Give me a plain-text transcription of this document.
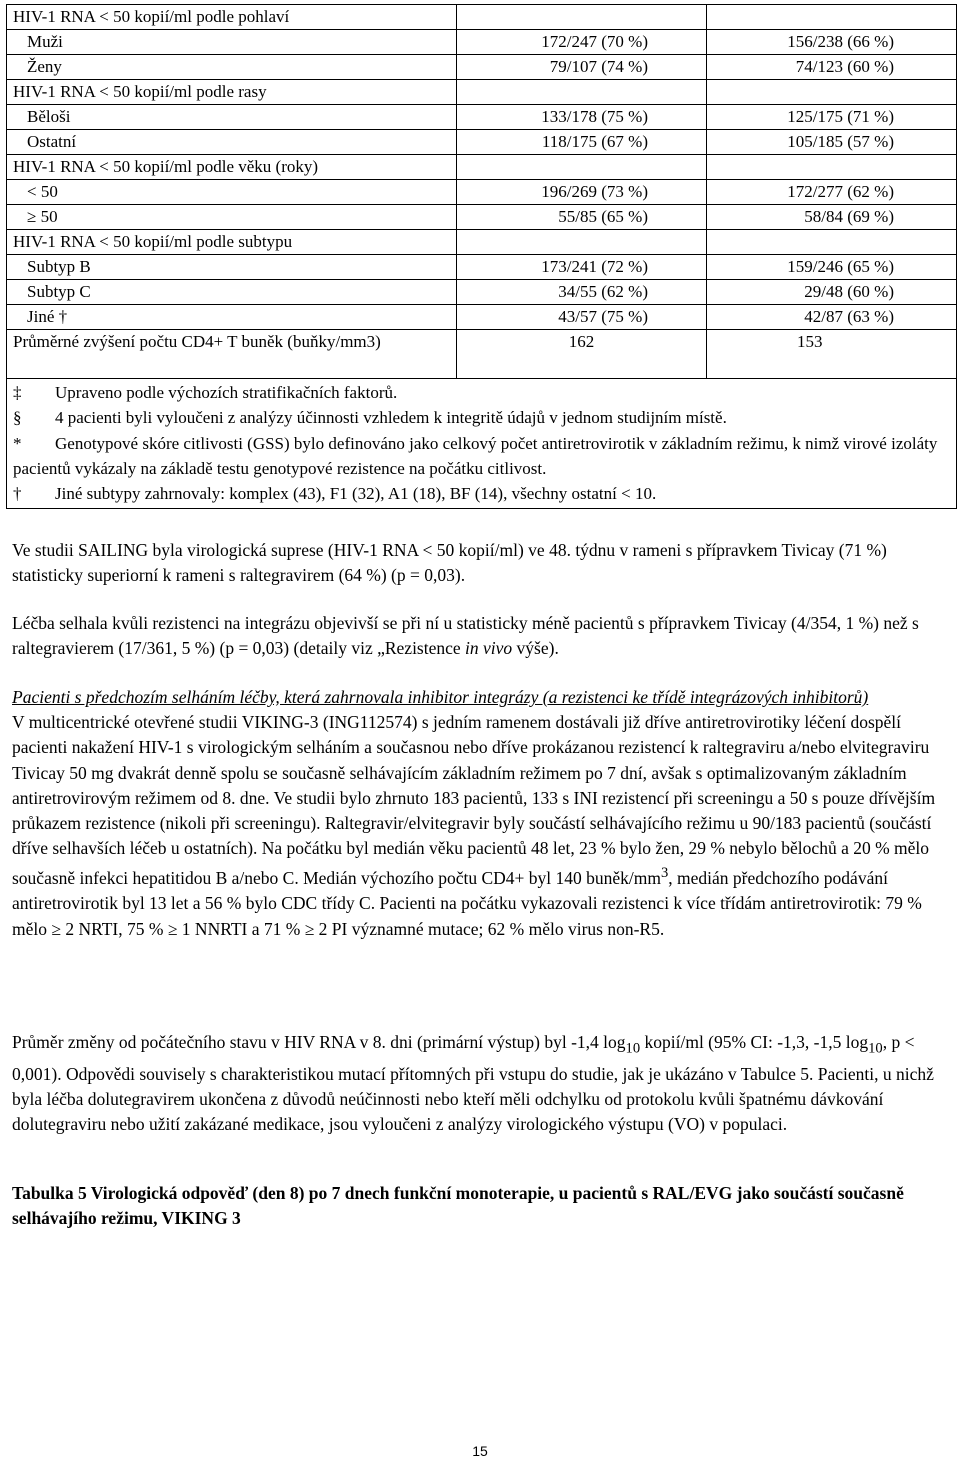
HIV-1 RNA < 50 kopií/ml podle pohlaví		
Muži	172/247 (70 %)	156/238 (66 %)
Ženy	79/107 (74 %)	74/123 (60 %)
HIV-1 RNA < 50 kopií/ml podle rasy		
Běloši	133/178 (75 %)	125/175 (71 %)
Ostatní	118/175 (67 %)	105/185 (57 %)
HIV-1 RNA < 50 kopií/ml podle věku (roky)		
< 50	196/269 (73 %)	172/277 (62 %)
≥ 50	55/85 (65 %)	58/84 (69 %)
HIV-1 RNA < 50 kopií/ml podle subtypu		
Subtyp B	173/241 (72 %)	159/246 (65 %)
Subtyp C	34/55 (62 %)	29/48 (60 %)
Jiné †	43/57 (75 %)	42/87 (63 %)
Průměrné zvýšení počtu CD4+ T buněk (buňky/mm3)	162	153

‡ Upraveno podle výchozích stratifikačních faktorů.
§ 4 pacienti byli vyloučeni z analýzy účinnosti vzhledem k integritě údajů v jednom studijním místě.
* Genotypové skóre citlivosti (GSS) bylo definováno jako celkový počet antiretrovirotik v základním režimu, k nimž virové izoláty pacientů vykázaly na základě testu genotypové rezistence na počátku citlivost.
† Jiné subtypy zahrnovaly: komplex (43), F1 (32), A1 (18), BF (14), všechny ostatní < 10.		
Ve studii SAILING byla virologická suprese (HIV-1 RNA < 50 kopií/ml) ve 48. týdnu v rameni s přípravkem Tivicay (71 %) statisticky superiorní k rameni s raltegravirem (64 %) (p = 0,03).
Léčba selhala kvůli rezistenci na integrázu objevivší se při ní u statisticky méně pacientů s přípravkem Tivicay (4/354, 1 %) než s raltegravierem (17/361, 5 %) (p = 0,03) (detaily viz „Rezistence in vivo výše).
Pacienti s předchozím selháním léčby, která zahrnovala inhibitor integrázy (a rezistenci ke třídě integrázových inhibitorů)
V multicentrické otevřené studii VIKING-3 (ING112574) s jedním ramenem dostávali již dříve antiretrovirotiky léčení dospělí pacienti nakažení HIV-1 s virologickým selháním a současnou nebo dříve prokázanou rezistencí k raltegraviru a/nebo elvitegraviru Tivicay 50 mg dvakrát denně spolu se současně selhávajícím základním režimem po 7 dní, avšak s optimalizovaným základním antiretrovirovým režimem od 8. dne. Ve studii bylo zhrnuto 183 pacientů, 133 s INI rezistencí při screeningu a 50 s pouze dřívějším průkazem rezistence (nikoli při screeningu). Raltegravir/elvitegravir byly součástí selhávajícího režimu u 90/183 pacientů (součástí dříve selhavších léčeb u ostatních). Na počátku byl medián věku pacientů 48 let, 23 % bylo žen, 29 % nebylo bělochů a 20 % mělo současně infekci hepatitidou B a/nebo C. Medián výchozího počtu CD4+ byl 140 buněk/$mm^3$, medián předchozího podávání antiretrovirotik byl 13 let a 56 % bylo CDC třídy C. Pacienti na počátku vykazovali rezistenci k více třídám antiretrovirotik: 79 % mělo ≥ 2 NRTI, 75 % ≥ 1 NNRTI a 71 % ≥ 2 PI významné mutace; 62 % mělo virus non-R5.
Průměr změny od počátečního stavu v HIV RNA v 8. dni (primární výstup) byl -1,4 $\log_{10}$ kopií/ml (95% CI: -1,3, -1,5 $\log_{10}$, p < 0,001). Odpovědi souvisely s charakteristikou mutací přítomných při vstupu do studie, jak je ukázáno v Tabulce 5. Pacienti, u nichž byla léčba dolutegravirem ukončena z důvodů neúčinnosti nebo kteří měli odchylku od protokolu kvůli špatnému dávkování dolutegraviru nebo užití zakázané medikace, jsou vyloučeni z analýzy virologického výstupu (VO) v populaci.
Tabulka 5 Virologická odpověď (den 8) po 7 dnech funkční monoterapie, u pacientů s RAL/EVG jako součástí současně selhávajího režimu, VIKING 3
15
